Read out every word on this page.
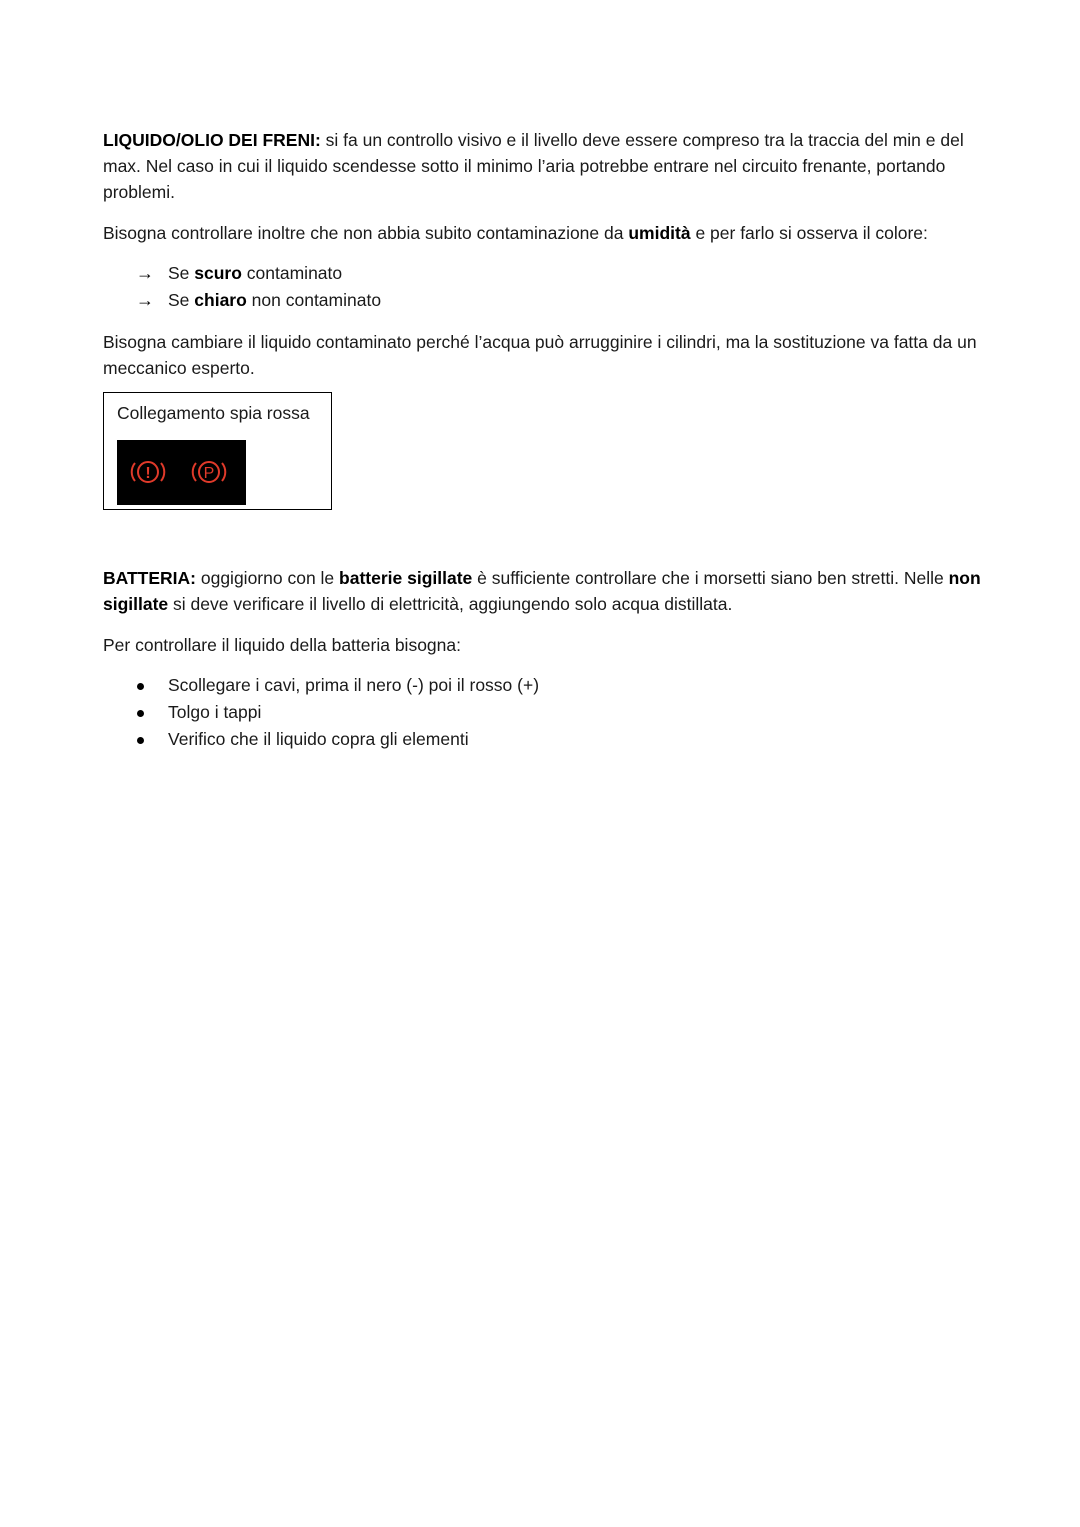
LIQUIDO/OLIO DEI FRENI: si fa un controllo visivo e il livello deve essere compreso tra la traccia del min e del max. Nel caso in cui il liquido scendesse sotto il minimo l’aria potrebbe entrare nel circuito frenante, portando problemi.

Bisogna controllare inoltre che non abbia subito contaminazione da umidità e per farlo si osserva il colore:

→ Se scuro contaminato
→ Se chiaro non contaminato

Bisogna cambiare il liquido contaminato perché l’acqua può arrugginire i cilindri, ma la sostituzione va fatta da un meccanico esperto.

Collegamento spia rossa
!	P

BATTERIA: oggigiorno con le batterie sigillate è sufficiente controllare che i morsetti siano ben stretti. Nelle non sigillate si deve verificare il livello di elettricità, aggiungendo solo acqua distillata.

Per controllare il liquido della batteria bisogna:

Scollegare i cavi, prima il nero (-) poi il rosso (+)
Tolgo i tappi
Verifico che il liquido copra gli elementi
